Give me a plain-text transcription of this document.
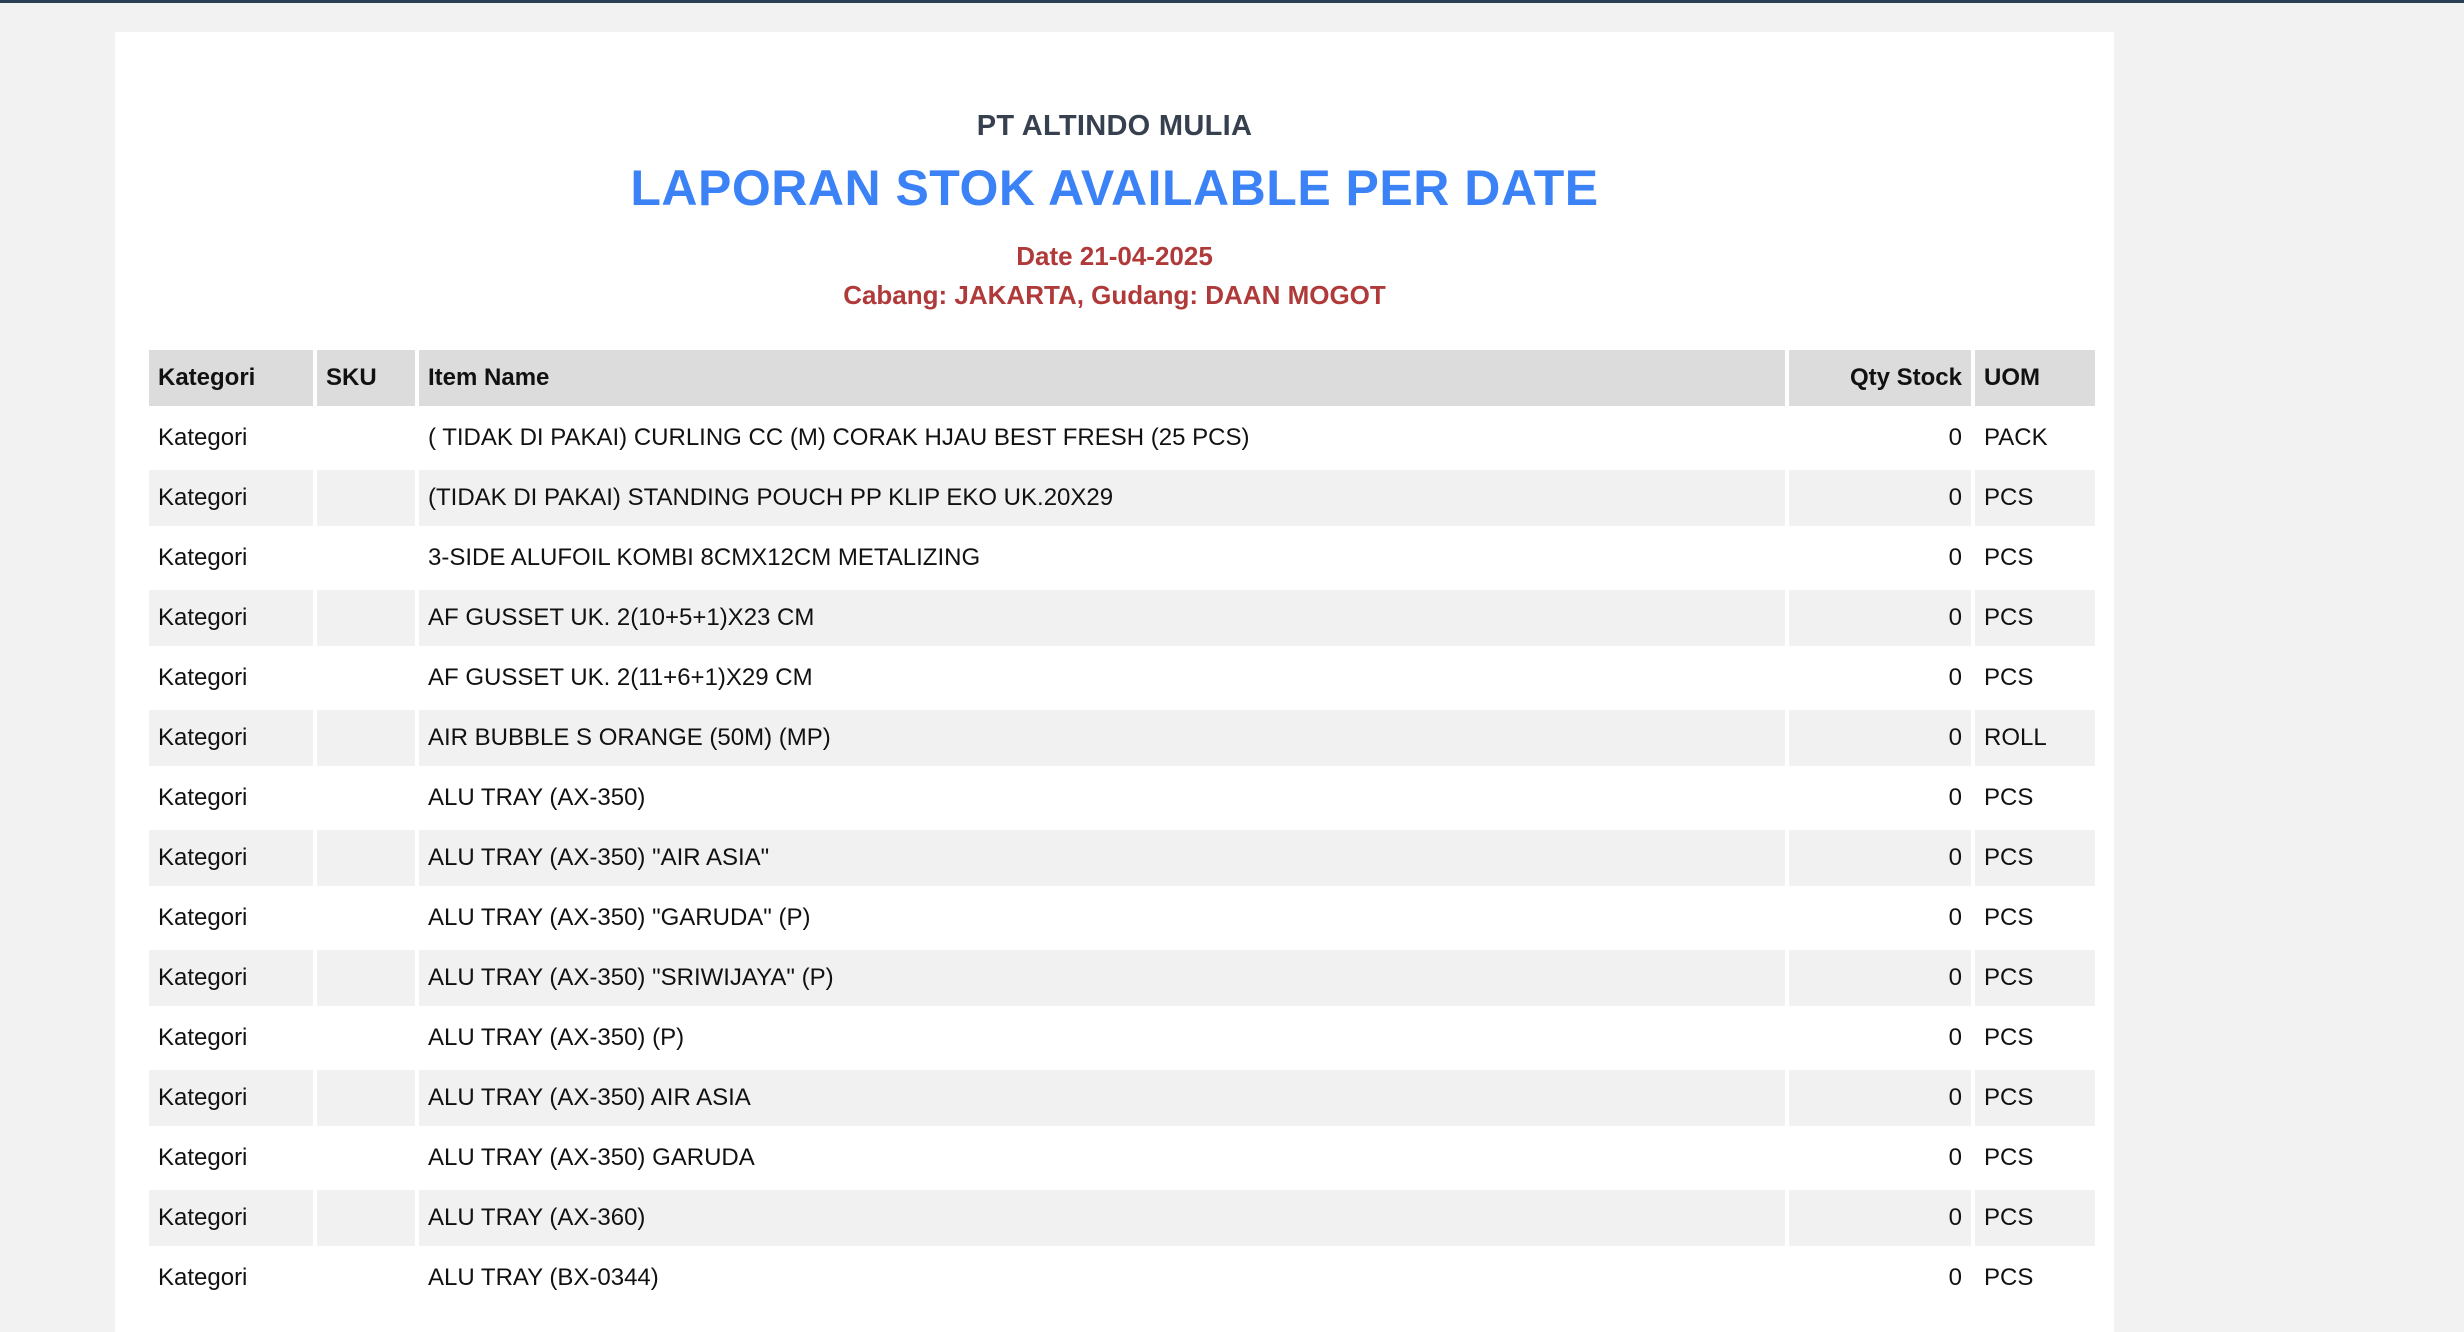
PT ALTINDO MULIA
LAPORAN STOK AVAILABLE PER DATE
Date 21-04-2025
Cabang: JAKARTA, Gudang: DAAN MOGOT
Kategori	SKU	Item Name	Qty Stock	UOM
Kategori		( TIDAK DI PAKAI) CURLING CC (M) CORAK HJAU BEST FRESH (25 PCS)	0	PACK
Kategori		(TIDAK DI PAKAI) STANDING POUCH PP KLIP EKO UK.20X29	0	PCS
Kategori		3-SIDE ALUFOIL KOMBI 8CMX12CM METALIZING	0	PCS
Kategori		AF GUSSET UK. 2(10+5+1)X23 CM	0	PCS
Kategori		AF GUSSET UK. 2(11+6+1)X29 CM	0	PCS
Kategori		AIR BUBBLE S ORANGE (50M) (MP)	0	ROLL
Kategori		ALU TRAY (AX-350)	0	PCS
Kategori		ALU TRAY (AX-350) "AIR ASIA"	0	PCS
Kategori		ALU TRAY (AX-350) "GARUDA" (P)	0	PCS
Kategori		ALU TRAY (AX-350) "SRIWIJAYA" (P)	0	PCS
Kategori		ALU TRAY (AX-350) (P)	0	PCS
Kategori		ALU TRAY (AX-350) AIR ASIA	0	PCS
Kategori		ALU TRAY (AX-350) GARUDA	0	PCS
Kategori		ALU TRAY (AX-360)	0	PCS
Kategori		ALU TRAY (BX-0344)	0	PCS
